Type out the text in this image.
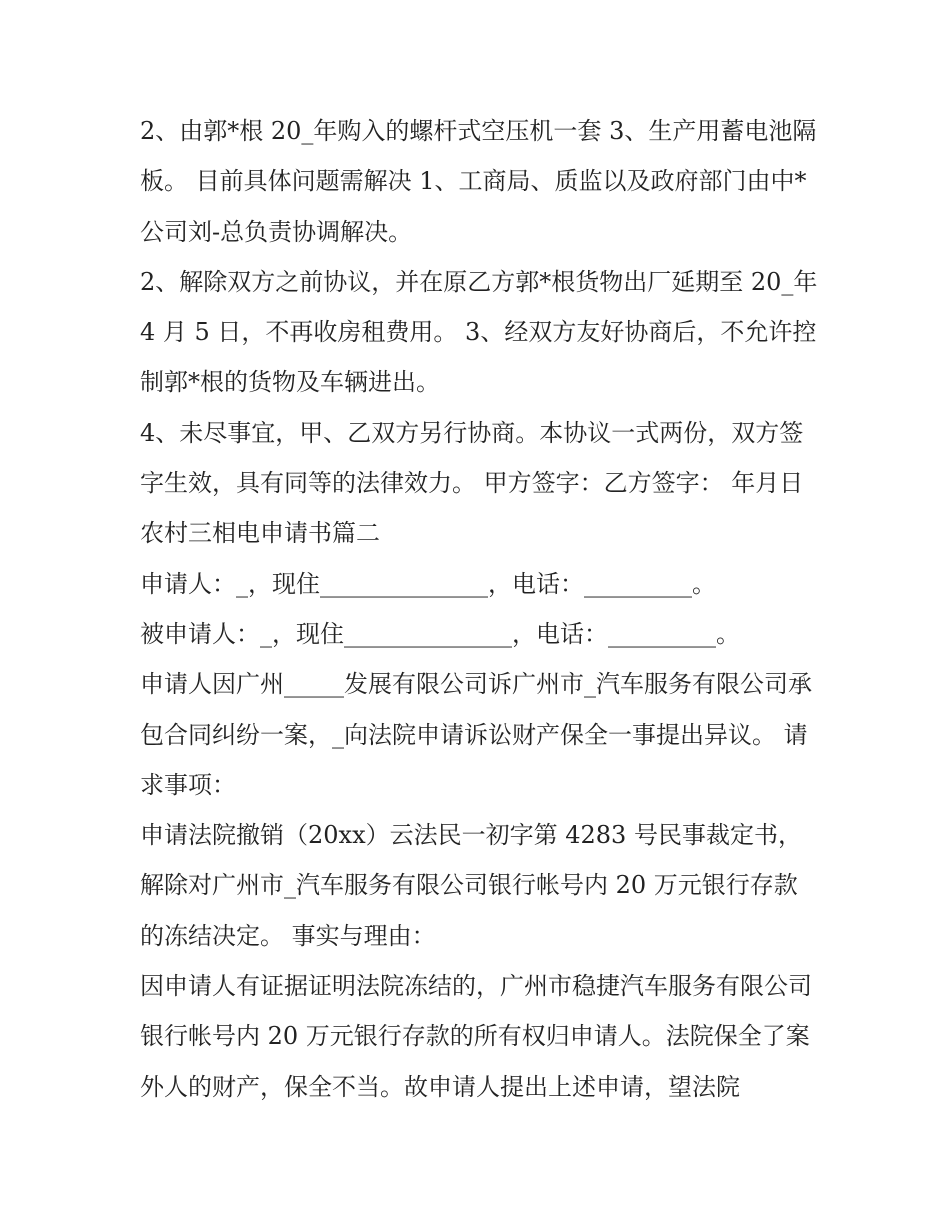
2、由郭*根 20_年购入的螺杆式空压机一套 3、生产用蓄电池隔板。 目前具体问题需解决 1、工商局、质监以及政府部门由中*公司刘-总负责协调解决。

2、解除双方之前协议，并在原乙方郭*根货物出厂延期至 20_年 4 月 5 日，不再收房租费用。 3、经双方友好协商后，不允许控制郭*根的货物及车辆进出。

4、未尽事宜，甲、乙双方另行协商。本协议一式两份，双方签字生效，具有同等的法律效力。 甲方签字：乙方签字： 年月日 农村三相电申请书篇二

申请人：_，现住______________，电话：_________。

被申请人：_，现住______________，电话：_________。

申请人因广州_____发展有限公司诉广州市_汽车服务有限公司承包合同纠纷一案，_向法院申请诉讼财产保全一事提出异议。 请求事项：

申请法院撤销（20xx）云法民一初字第 4283 号民事裁定书，解除对广州市_汽车服务有限公司银行帐号内 20 万元银行存款的冻结决定。 事实与理由：

因申请人有证据证明法院冻结的，广州市稳捷汽车服务有限公司银行帐号内 20 万元银行存款的所有权归申请人。法院保全了案外人的财产，保全不当。故申请人提出上述申请，望法院
